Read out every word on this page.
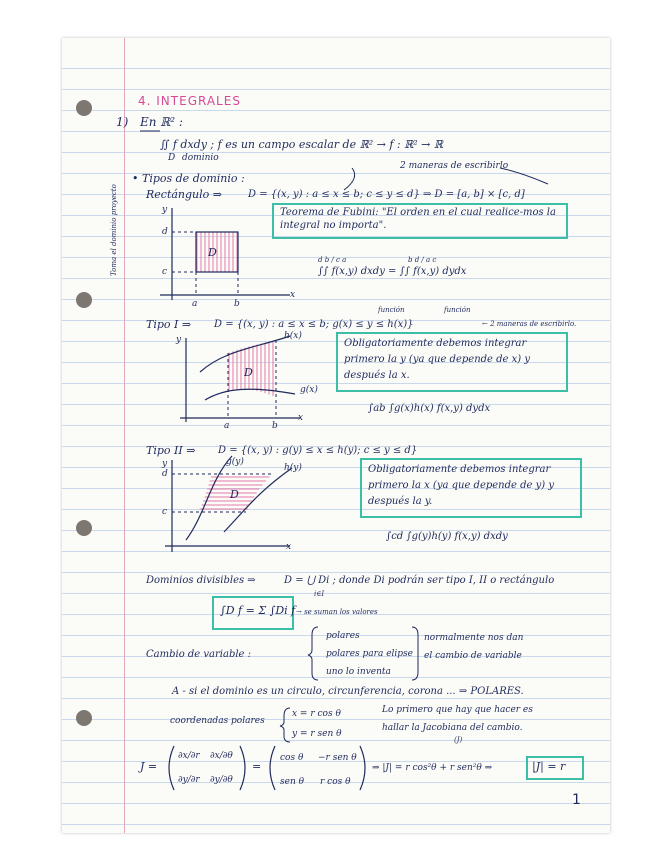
4. INTEGRALES
1) En ℝ² :
∬ f dxdy ; f es un campo escalar de ℝ² → f : ℝ² → ℝ
D dominio
2 maneras de escribirlo
• Tipos de dominio :
Rectángulo ⇒	D = {(x, y) : a ≤ x ≤ b; c ≤ y ≤ d} ⇒ D = [a, b] × [c, d]
Toma el dominio proyecto	y
x
a	b
c
d
D
Teorema de Fubini: "El orden en el cual realice-mos la integral no importa".
d b / c a	b d / a c
∫∫ f(x,y) dxdy = ∫∫ f(x,y) dydx
Tipo I ⇒ D = {(x, y) : a ≤ x ≤ b; g(x) ≤ y ≤ h(x)}
función	función
← 2 maneras de escribirlo.
y
x
a	b
h(x)
g(x)
D
Obligatoriamente debemos integrar primero la y (ya que depende de x) y después la x.
∫ab ∫g(x)h(x) f(x,y) dydx
Tipo II ⇒ D = {(x, y) : g(y) ≤ x ≤ h(y); c ≤ y ≤ d}
y
x
c
d
g(y)
h(y)
D
Obligatoriamente debemos integrar primero la x (ya que depende de y) y después la y.
∫cd ∫g(y)h(y) f(x,y) dxdy
Dominios divisibles ⇒	D = ⋃ Di ; donde Di podrán ser tipo I, II o rectángulo
i∈I
∫D f = Σ ∫Di f → se suman los valores
Cambio de variable :
polares
polares para elipse
uno lo inventa
normalmente nos dan
el cambio de variable
A - si el dominio es un circulo, circunferencia, corona ... ⇒ POLARES.
coordenadas polares
x = r cos θ
y = r sen θ
Lo primero que hay que hacer es
hallar la Jacobiana del cambio.
(J)
J =
∂x/∂r ∂x/∂θ
∂y/∂r ∂y/∂θ
=
cos θ −r sen θ
sen θ r cos θ
⇒ |J| = r cos²θ + r sen²θ ⇒	|J| = r
1
